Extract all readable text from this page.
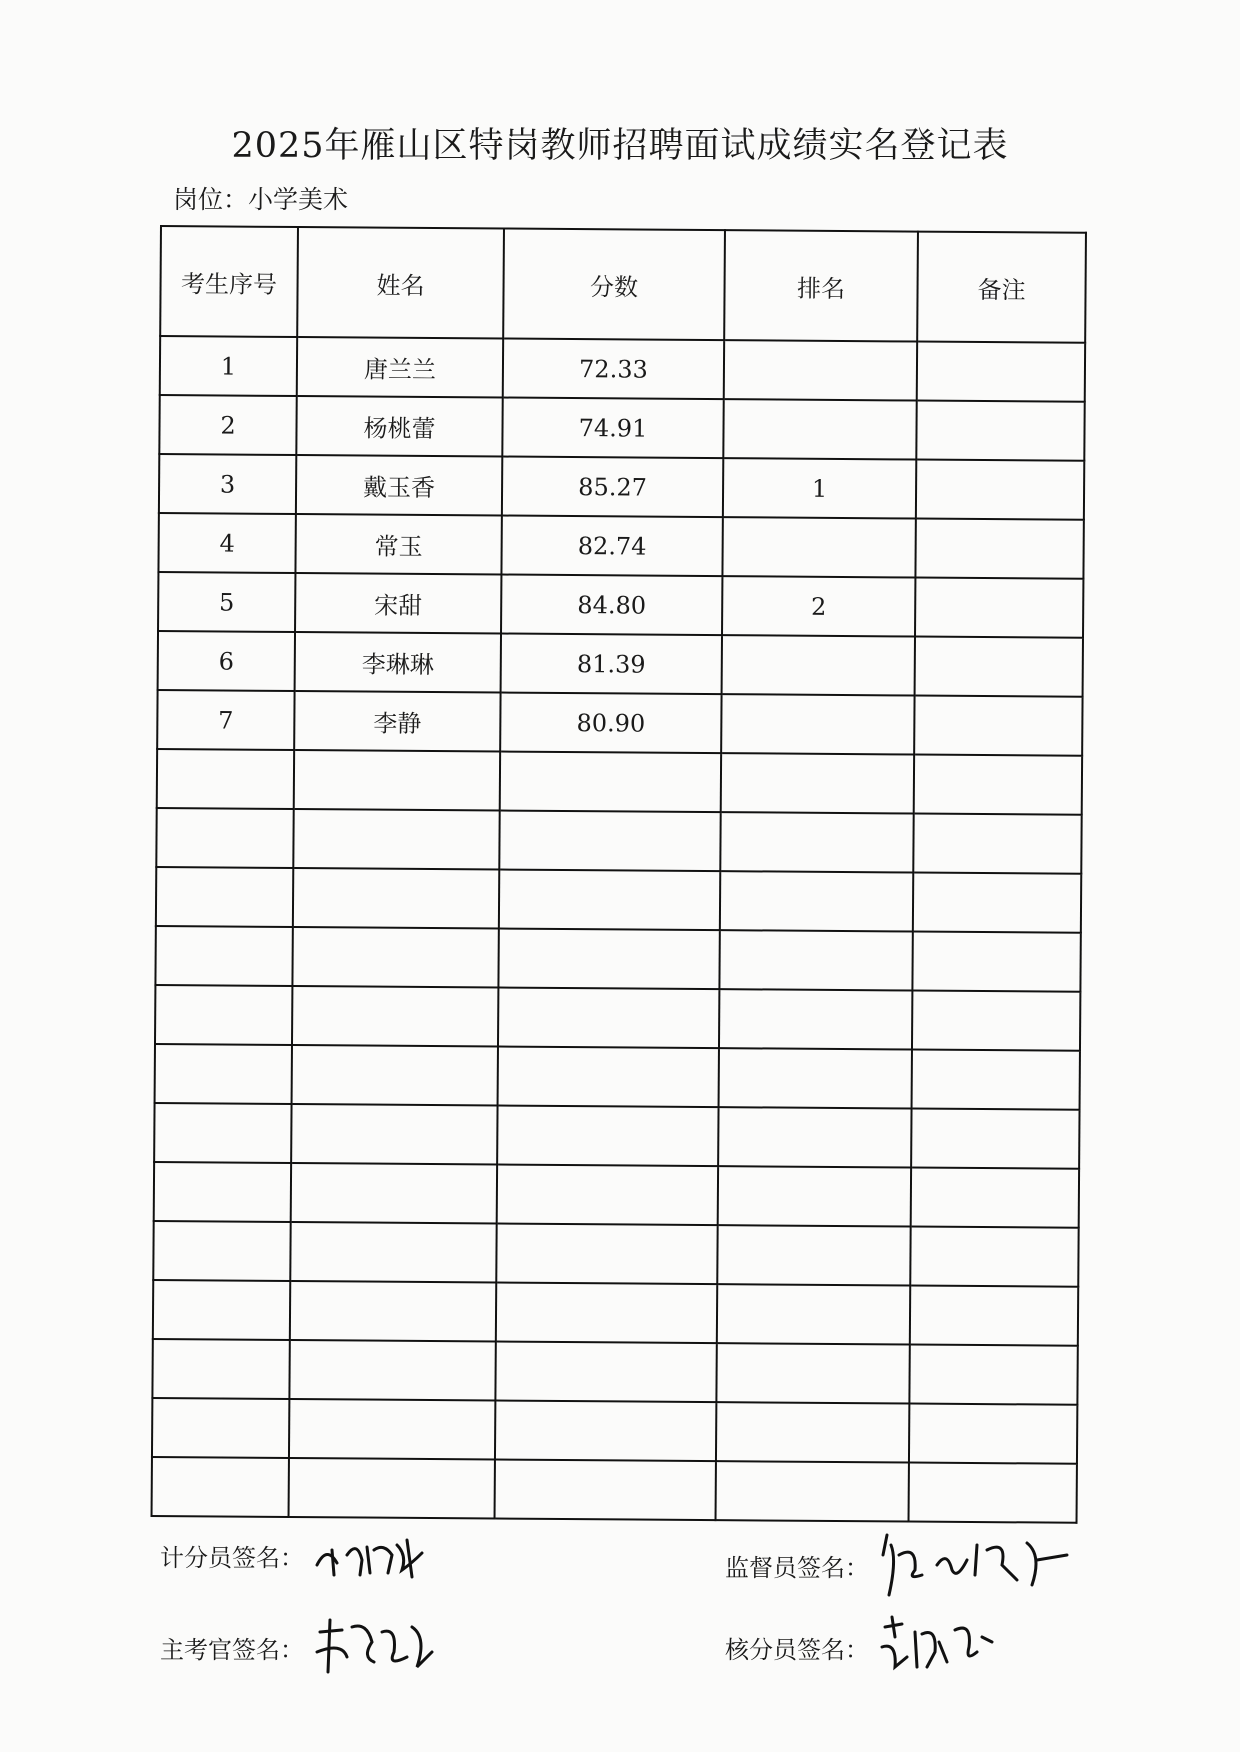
2025年雁山区特岗教师招聘面试成绩实名登记表
岗位：小学美术
考生序号	姓名	分数	排名	备注
1	唐兰兰	72.33		
2	杨桃蕾	74.91		
3	戴玉香	85.27	1	
4	常玉	82.74		
5	宋甜	84.80	2	
6	李琳琳	81.39		
7	李静	80.90		

计分员签名：	监督员签名：
主考官签名：	核分员签名：
